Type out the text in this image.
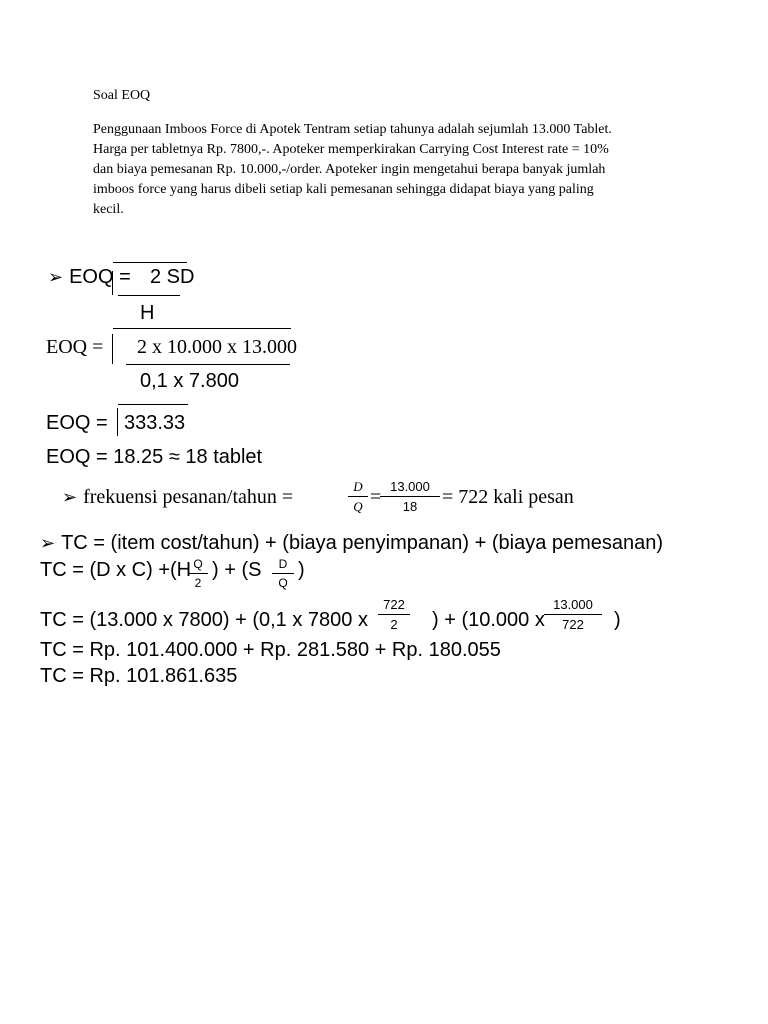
Soal EOQ
Penggunaan Imboos Force di Apotek Tentram setiap tahunya adalah sejumlah 13.000 Tablet.
Harga per tabletnya Rp. 7800,-. Apoteker memperkirakan Carrying Cost Interest rate = 10%
dan biaya pemesanan Rp. 10.000,-/order. Apoteker ingin mengetahui berapa banyak jumlah
imboos force yang harus dibeli setiap kali pemesanan sehingga didapat biaya yang paling
kecil.
➢ EOQ = 2 SD
H
EOQ = 2 x 10.000 x 13.000
0,1 x 7.800
EOQ = 333.33
EOQ = 18.25 ≈ 18 tablet
➢ frekuensi pesanan/tahun =	D
Q = 13.000
18	= 722 kali pesan
➢ TC = (item cost/tahun) + (biaya penyimpanan) + (biaya pemesanan)
TC = (D x C) +(H Q
2
) + (S	D
Q
)
TC = (13.000 x 7800) + (0,1 x 7800 x
722
2	) + (10.000 x
13.000
722	)
TC = Rp. 101.400.000 + Rp. 281.580 + Rp. 180.055
TC = Rp. 101.861.635
